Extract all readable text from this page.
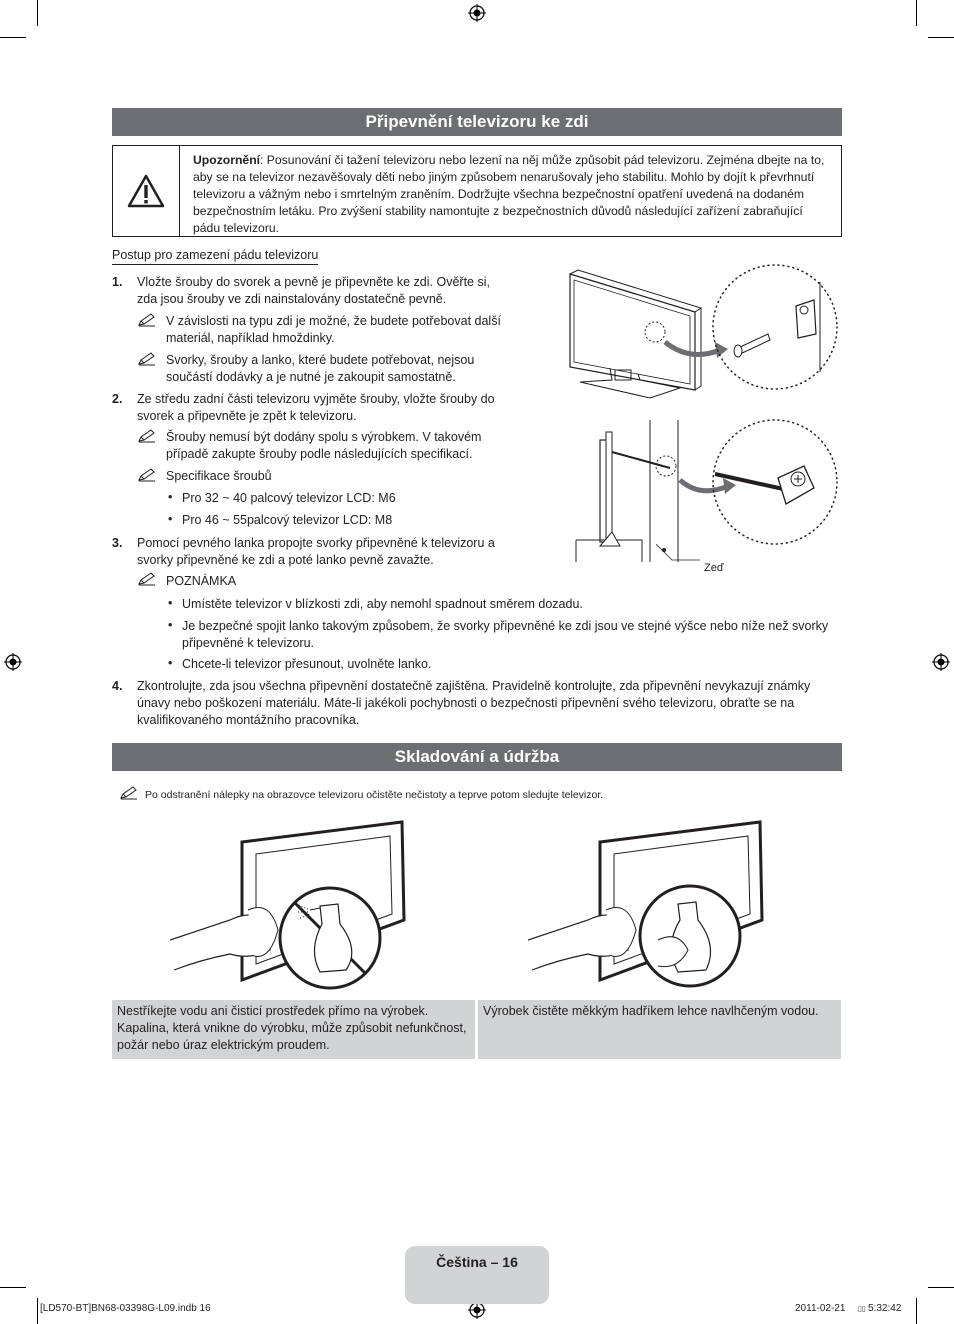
Připevnění televizoru ke zdi
Upozornění: Posunování či tažení televizoru nebo lezení na něj může způsobit pád televizoru. Zejména dbejte na to, aby se na televizor nezavěšovaly děti nebo jiným způsobem nenarušovaly jeho stabilitu. Mohlo by dojít k převrhnutí televizoru a vážným nebo i smrtelným zraněním. Dodržujte všechna bezpečnostní opatření uvedená na dodaném bezpečnostním letáku. Pro zvýšení stability namontujte z bezpečnostních důvodů následující zařízení zabraňující pádu televizoru.
Postup pro zamezení pádu televizoru
1. Vložte šrouby do svorek a pevně je připevněte ke zdi. Ověřte si, zda jsou šrouby ve zdi nainstalovány dostatečně pevně.
V závislosti na typu zdi je možné, že budete potřebovat další materiál, například hmoždinky.
Svorky, šrouby a lanko, které budete potřebovat, nejsou součástí dodávky a je nutné je zakoupit samostatně.
2. Ze středu zadní části televizoru vyjměte šrouby, vložte šrouby do svorek a připevněte je zpět k televizoru.
Šrouby nemusí být dodány spolu s výrobkem. V takovém případě zakupte šrouby podle následujících specifikací.
Specifikace šroubů
• Pro 32 ~ 40 palcový televizor LCD: M6
• Pro 46 ~ 55palcový televizor LCD: M8
3. Pomocí pevného lanka propojte svorky připevněné k televizoru a svorky připevněné ke zdi a poté lanko pevně zavažte.
POZNÁMKA
• Umístěte televizor v blízkosti zdi, aby nemohl spadnout směrem dozadu.
• Je bezpečné spojit lanko takovým způsobem, že svorky připevněné ke zdi jsou ve stejné výšce nebo níže než svorky připevněné k televizoru.
• Chcete-li televizor přesunout, uvolněte lanko.
4. Zkontrolujte, zda jsou všechna připevnění dostatečně zajištěna. Pravidelně kontrolujte, zda připevnění nevykazují známky únavy nebo poškození materiálu. Máte-li jakékoli pochybnosti o bezpečnosti připevnění svého televizoru, obraťte se na kvalifikovaného montážního pracovníka.
Zeď
Skladování a údržba
Po odstranění nálepky na obrazovce televizoru očistěte nečistoty a teprve potom sledujte televizor.
Nestříkejte vodu ani čisticí prostředek přímo na výrobek. Kapalina, která vnikne do výrobku, může způsobit nefunkčnost, požár nebo úraz elektrickým proudem.
Výrobek čistěte měkkým hadříkem lehce navlhčeným vodou.
Čeština – 16
[LD570-BT]BN68-03398G-L09.indb 16	2011-02-21 ▯▯ 5:32:42
